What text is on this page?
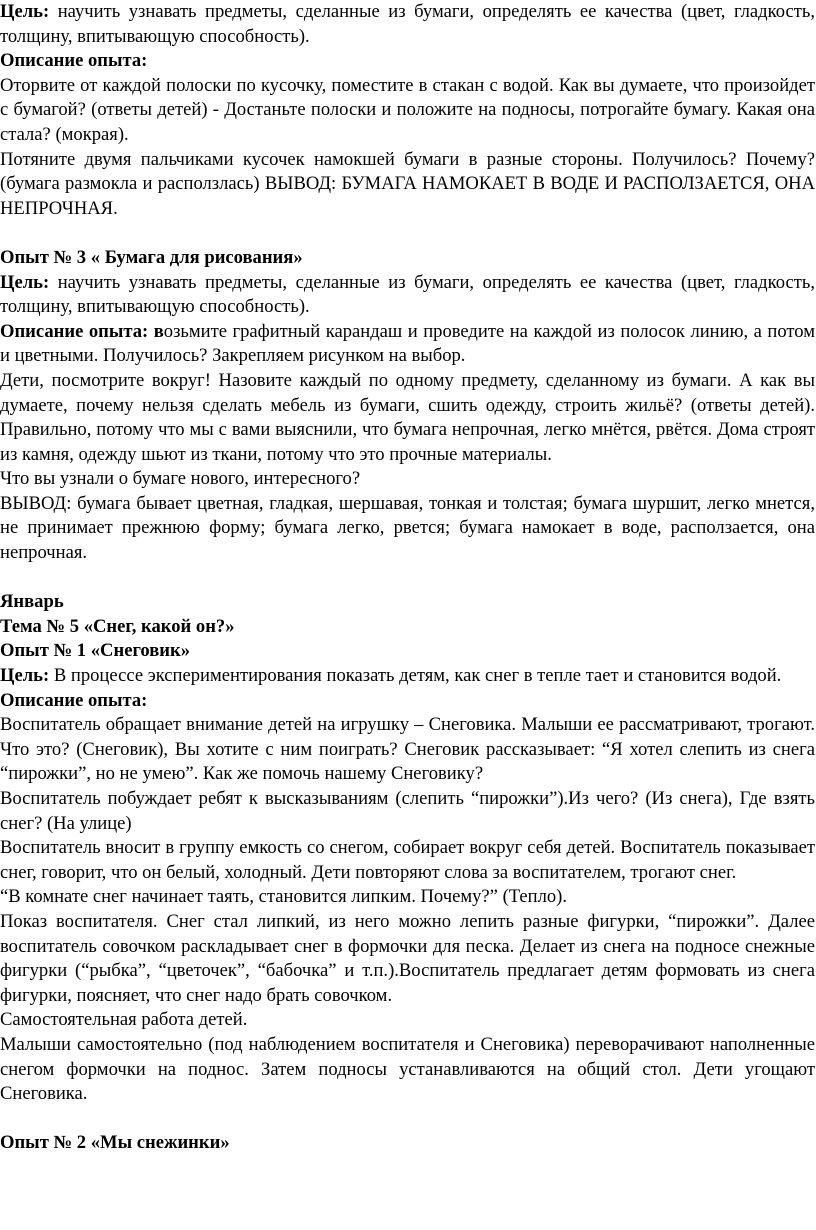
Цель: научить узнавать предметы, сделанные из бумаги, определять ее качества (цвет, гладкость, толщину, впитывающую способность).

Описание опыта:

Оторвите от каждой полоски по кусочку, поместите в стакан с водой. Как вы думаете, что произойдет с бумагой? (ответы детей) - Достаньте полоски и положите на подносы, потрогайте бумагу. Какая она стала? (мокрая).

Потяните двумя пальчиками кусочек намокшей бумаги в разные стороны. Получилось? Почему? (бумага размокла и расползлась) ВЫВОД: БУМАГА НАМОКАЕТ В ВОДЕ И РАСПОЛЗАЕТСЯ, ОНА НЕПРОЧНАЯ.

Опыт № 3 « Бумага для рисования»

Цель: научить узнавать предметы, сделанные из бумаги, определять ее качества (цвет, гладкость, толщину, впитывающую способность).

Описание опыта: возьмите графитный карандаш и проведите на каждой из полосок линию, а потом и цветными. Получилось? Закрепляем рисунком на выбор.

Дети, посмотрите вокруг! Назовите каждый по одному предмету, сделанному из бумаги. А как вы думаете, почему нельзя сделать мебель из бумаги, сшить одежду, строить жильё? (ответы детей). Правильно, потому что мы с вами выяснили, что бумага непрочная, легко мнётся, рвётся. Дома строят из камня, одежду шьют из ткани, потому что это прочные материалы.

Что вы узнали о бумаге нового, интересного?

ВЫВОД: бумага бывает цветная, гладкая, шершавая, тонкая и толстая; бумага шуршит, легко мнется, не принимает прежнюю форму; бумага легко, рвется; бумага намокает в воде, расползается, она непрочная.

Январь

Тема № 5 «Снег, какой он?»

Опыт № 1 «Снеговик»

Цель: В процессе экспериментирования показать детям, как снег в тепле тает и становится водой.

Описание опыта:

Воспитатель обращает внимание детей на игрушку – Снеговика. Малыши ее рассматривают, трогают. Что это? (Снеговик), Вы хотите с ним поиграть? Снеговик рассказывает: “Я хотел слепить из снега “пирожки”, но не умею”. Как же помочь нашему Снеговику?

Воспитатель побуждает ребят к высказываниям (слепить “пирожки”).Из чего? (Из снега), Где взять снег? (На улице)

Воспитатель вносит в группу емкость со снегом, собирает вокруг себя детей. Воспитатель показывает снег, говорит, что он белый, холодный. Дети повторяют слова за воспитателем, трогают снег.

“В комнате снег начинает таять, становится липким. Почему?” (Тепло).

Показ воспитателя. Снег стал липкий, из него можно лепить разные фигурки, “пирожки”. Далее воспитатель совочком раскладывает снег в формочки для песка. Делает из снега на подносе снежные фигурки (“рыбка”, “цветочек”, “бабочка” и т.п.).Воспитатель предлагает детям формовать из снега фигурки, поясняет, что снег надо брать совочком.

Самостоятельная работа детей.

Малыши самостоятельно (под наблюдением воспитателя и Снеговика) переворачивают наполненные снегом формочки на поднос. Затем подносы устанавливаются на общий стол. Дети угощают Снеговика.

Опыт № 2 «Мы снежинки»
